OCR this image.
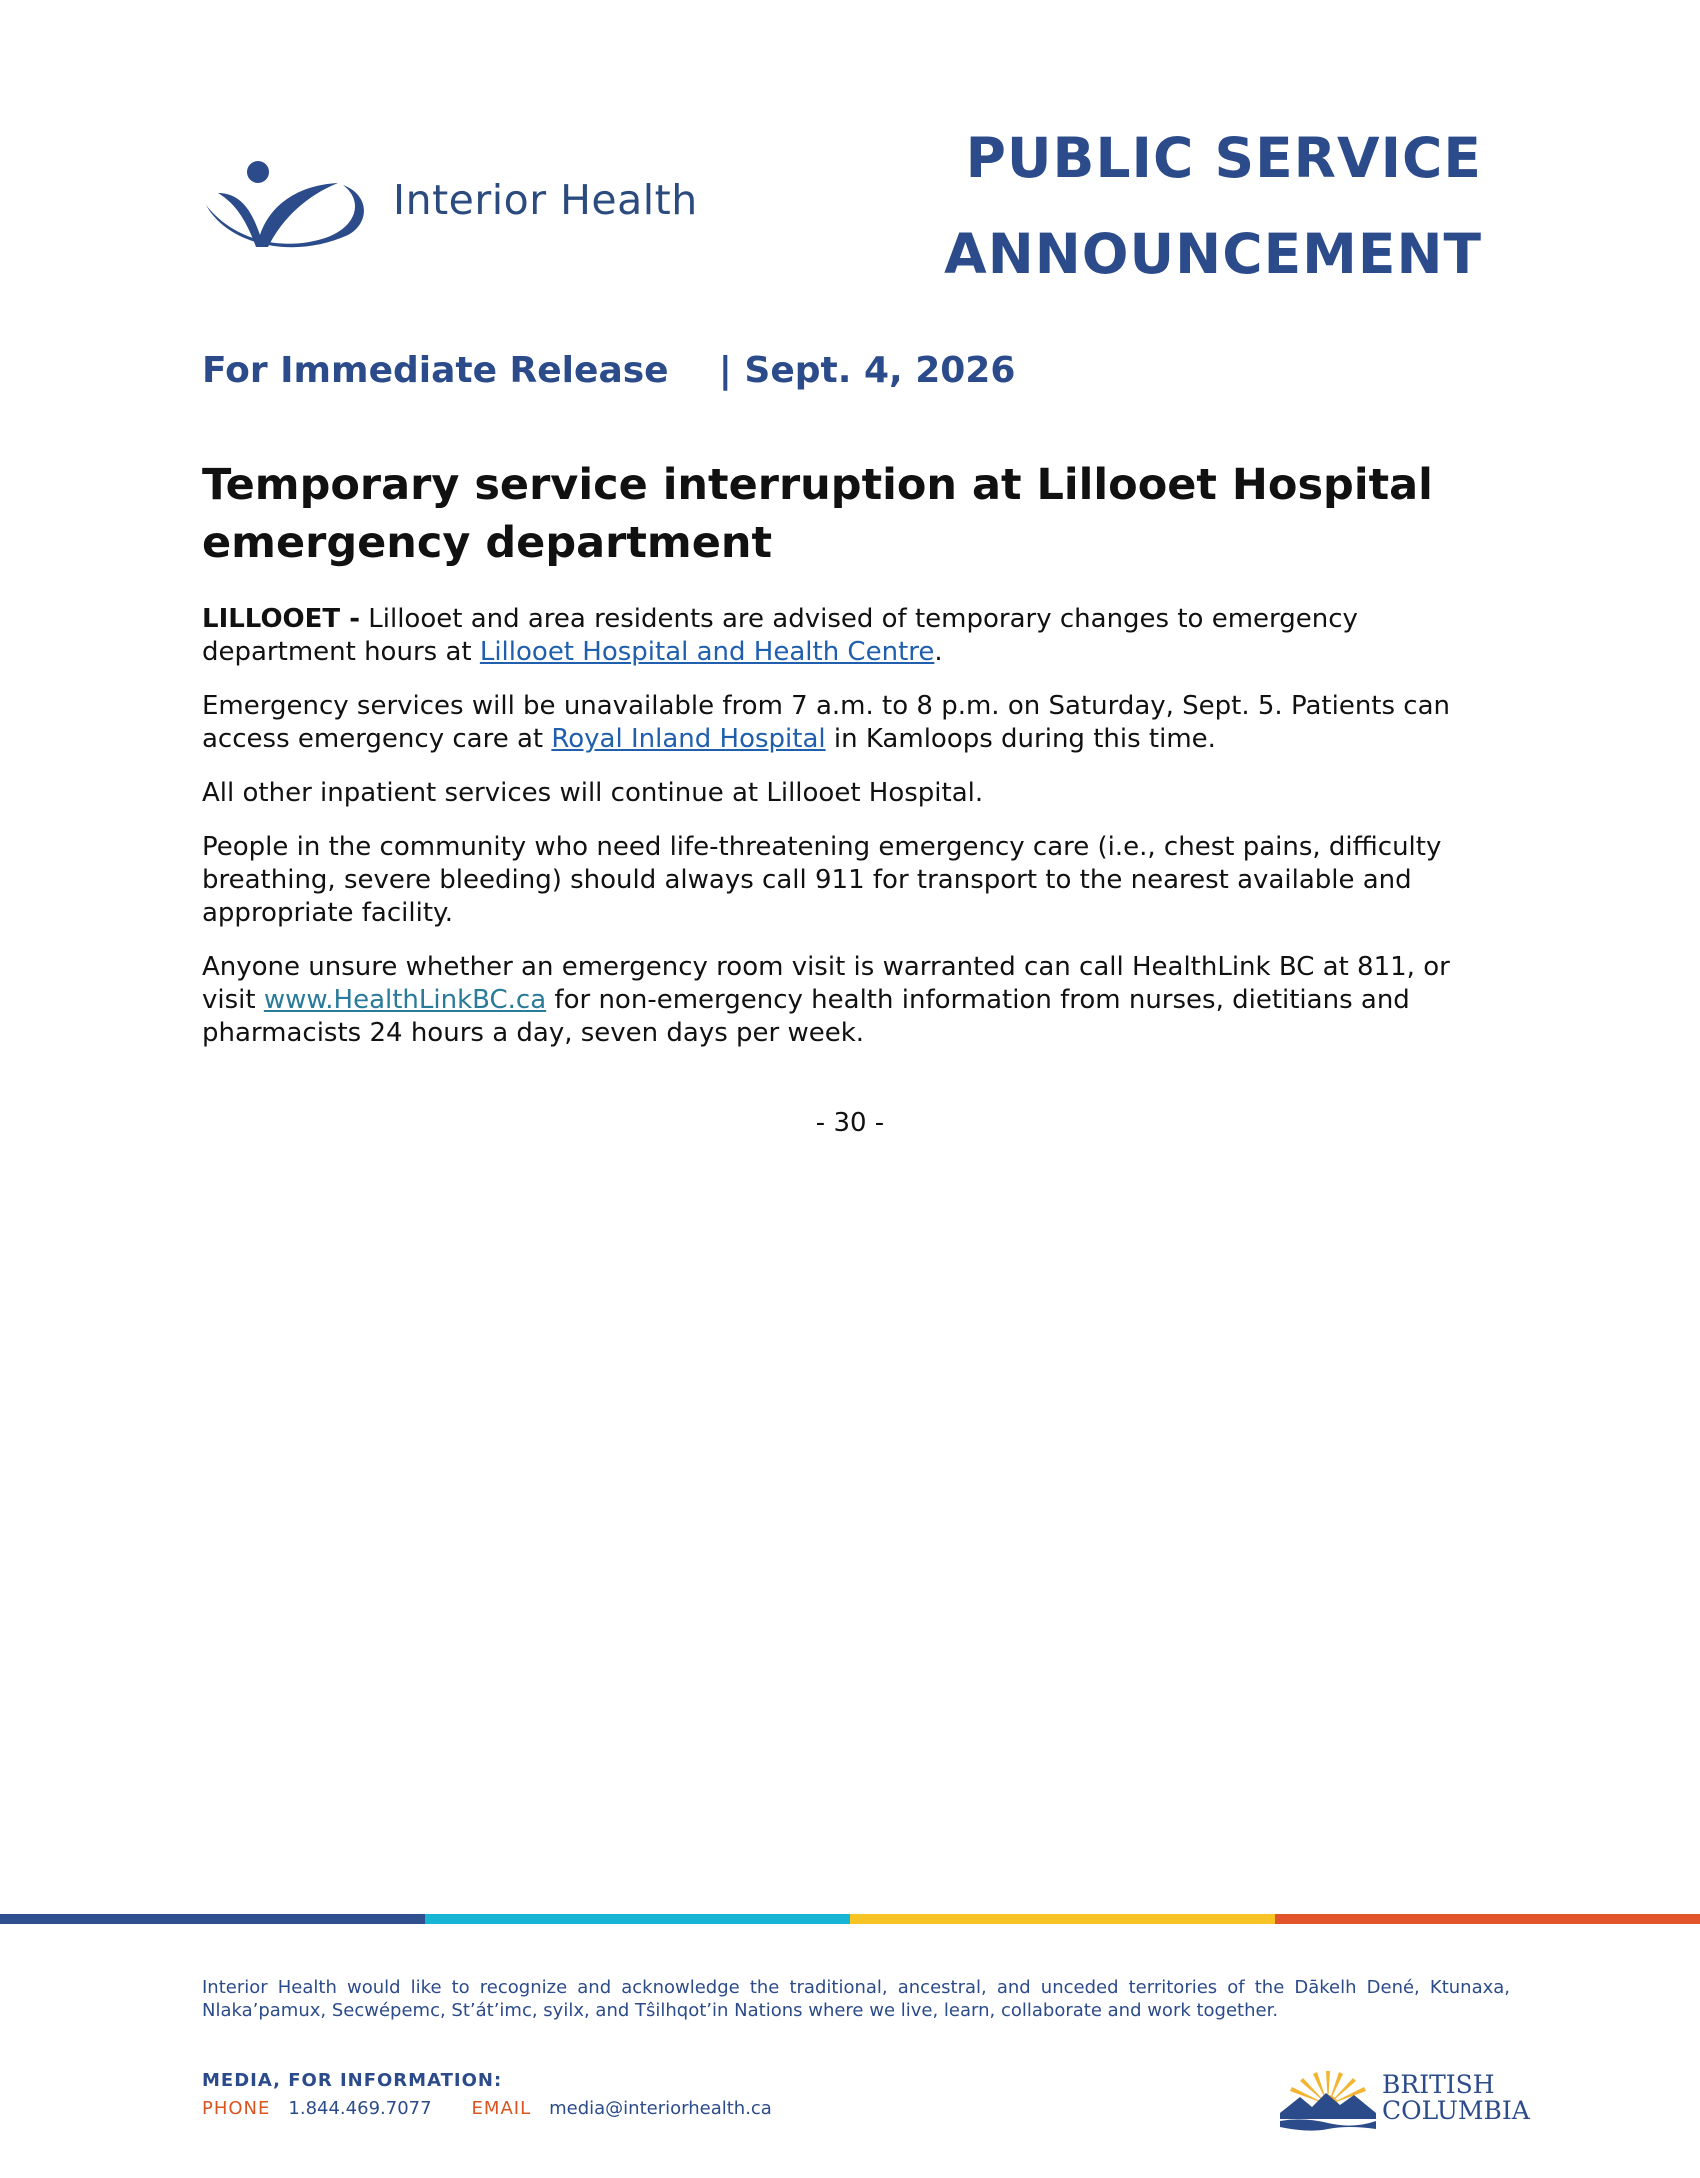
Interior Health
PUBLIC SERVICE
ANNOUNCEMENT
For Immediate Release | Sept. 4, 2026
Temporary service interruption at Lillooet Hospital
emergency department

LILLOOET - Lillooet and area residents are advised of temporary changes to emergency department hours at Lillooet Hospital and Health Centre.

Emergency services will be unavailable from 7 a.m. to 8 p.m. on Saturday, Sept. 5. Patients can access emergency care at Royal Inland Hospital in Kamloops during this time.

All other inpatient services will continue at Lillooet Hospital.

People in the community who need life-threatening emergency care (i.e., chest pains, difficulty breathing, severe bleeding) should always call 911 for transport to the nearest available and appropriate facility.

Anyone unsure whether an emergency room visit is warranted can call HealthLink BC at 811, or visit www.HealthLinkBC.ca for non-emergency health information from nurses, dietitians and pharmacists 24 hours a day, seven days per week.

- 30 -
Interior Health would like to recognize and acknowledge the traditional, ancestral, and unceded territories of the Dākelh Dené, Ktunaxa, Nlaka’pamux, Secwépemc, St’át’imc, syilx, and Tŝilhqot’in Nations where we live, learn, collaborate and work together.
MEDIA, FOR INFORMATION:
PHONE 1.844.469.7077 EMAIL media@interiorhealth.ca
BRITISH
COLUMBIA
